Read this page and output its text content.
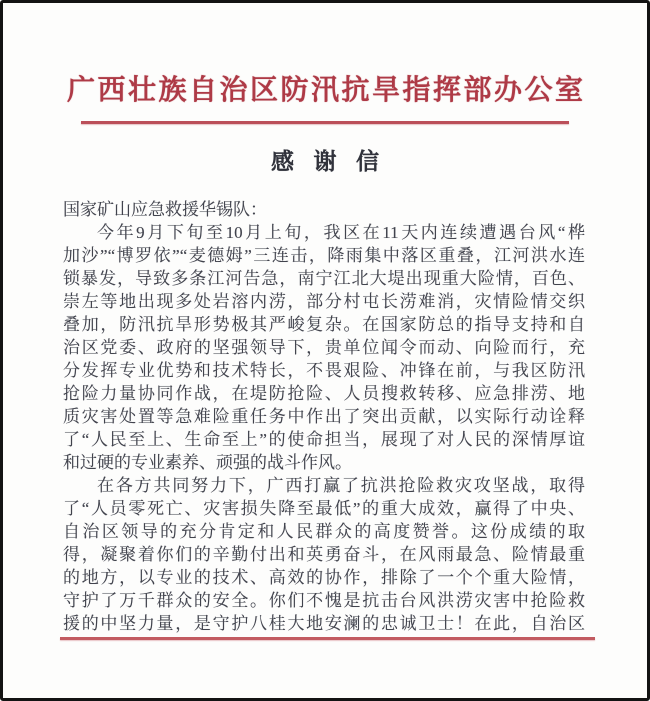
广西壮族自治区防汛抗旱指挥部办公室
感谢信
国家矿山应急救援华锡队：
今年9月下旬至10月上旬，我区在11天内连续遭遇台风“桦
加沙”“博罗依”“麦德姆”三连击，降雨集中落区重叠，江河洪水连
锁暴发，导致多条江河告急，南宁江北大堤出现重大险情，百色、
崇左等地出现多处岩溶内涝，部分村屯长涝难消，灾情险情交织
叠加，防汛抗旱形势极其严峻复杂。在国家防总的指导支持和自
治区党委、政府的坚强领导下，贵单位闻令而动、向险而行，充
分发挥专业优势和技术特长，不畏艰险、冲锋在前，与我区防汛
抢险力量协同作战，在堤防抢险、人员搜救转移、应急排涝、地
质灾害处置等急难险重任务中作出了突出贡献，以实际行动诠释
了“人民至上、生命至上”的使命担当，展现了对人民的深情厚谊
和过硬的专业素养、顽强的战斗作风。
在各方共同努力下，广西打赢了抗洪抢险救灾攻坚战，取得
了“人员零死亡、灾害损失降至最低”的重大成效，赢得了中央、
自治区领导的充分肯定和人民群众的高度赞誉。这份成绩的取
得，凝聚着你们的辛勤付出和英勇奋斗，在风雨最急、险情最重
的地方，以专业的技术、高效的协作，排除了一个个重大险情，
守护了万千群众的安全。你们不愧是抗击台风洪涝灾害中抢险救
援的中坚力量，是守护八桂大地安澜的忠诚卫士！在此，自治区
